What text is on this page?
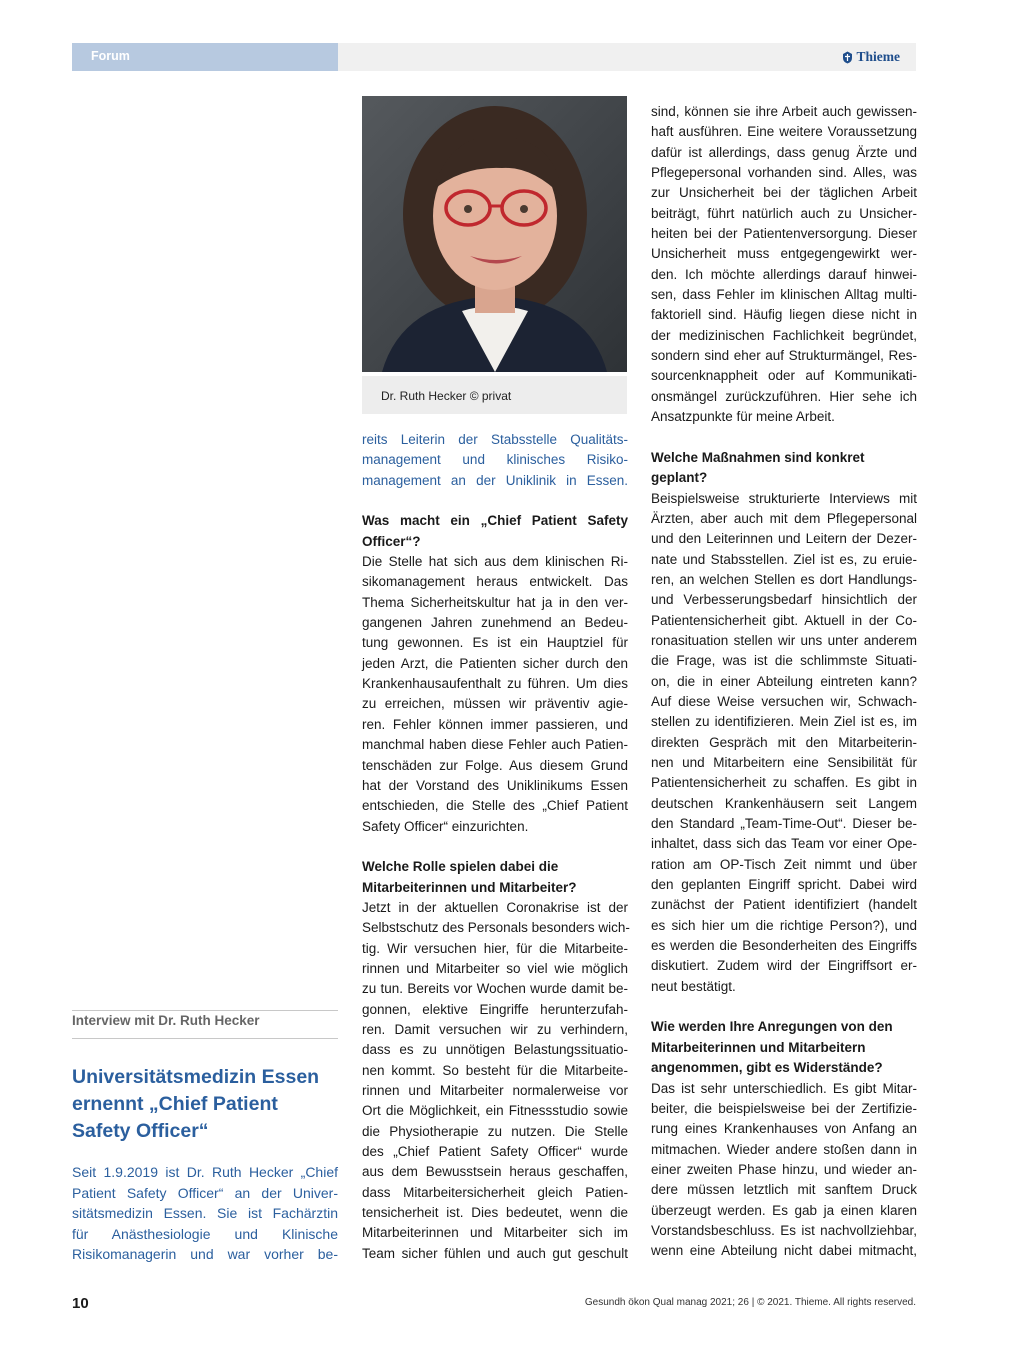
Forum	Thieme
Dr. Ruth Hecker © privat
Interview mit Dr. Ruth Hecker
Universitätsmedizin Essen
ernennt „Chief Patient
Safety Officer“
Seit 1.9.2019 ist Dr. Ruth Hecker „Chief
Patient Safety Officer“ an der Univer-
sitätsmedizin Essen. Sie ist Fachärztin
für Anästhesiologie und Klinische
Risikomanagerin und war vorher be-
reits Leiterin der Stabsstelle Qualitäts-
management und klinisches Risiko-
management an der Uniklinik in Essen.
Was macht ein „Chief Patient Safety
Officer“?
Die Stelle hat sich aus dem klinischen Ri-
sikomanagement heraus entwickelt. Das
Thema Sicherheitskultur hat ja in den ver-
gangenen Jahren zunehmend an Bedeu-
tung gewonnen. Es ist ein Hauptziel für
jeden Arzt, die Patienten sicher durch den
Krankenhausaufenthalt zu führen. Um dies
zu erreichen, müssen wir präventiv agie-
ren. Fehler können immer passieren, und
manchmal haben diese Fehler auch Patien-
tenschäden zur Folge. Aus diesem Grund
hat der Vorstand des Uniklinikums Essen
entschieden, die Stelle des „Chief Patient
Safety Officer“ einzurichten.
Welche Rolle spielen dabei die
Mitarbeiterinnen und Mitarbeiter?
Jetzt in der aktuellen Coronakrise ist der
Selbstschutz des Personals besonders wich-
tig. Wir versuchen hier, für die Mitarbeite-
rinnen und Mitarbeiter so viel wie möglich
zu tun. Bereits vor Wochen wurde damit be-
gonnen, elektive Eingriffe herunterzufah-
ren. Damit versuchen wir zu verhindern,
dass es zu unnötigen Belastungssituatio-
nen kommt. So besteht für die Mitarbeite-
rinnen und Mitarbeiter normalerweise vor
Ort die Möglichkeit, ein Fitnessstudio sowie
die Physiotherapie zu nutzen. Die Stelle
des „Chief Patient Safety Officer“ wurde
aus dem Bewusstsein heraus geschaffen,
dass Mitarbeitersicherheit gleich Patien-
tensicherheit ist. Dies bedeutet, wenn die
Mitarbeiterinnen und Mitarbeiter sich im
Team sicher fühlen und auch gut geschult
sind, können sie ihre Arbeit auch gewissen-
haft ausführen. Eine weitere Voraussetzung
dafür ist allerdings, dass genug Ärzte und
Pflegepersonal vorhanden sind. Alles, was
zur Unsicherheit bei der täglichen Arbeit
beiträgt, führt natürlich auch zu Unsicher-
heiten bei der Patientenversorgung. Dieser
Unsicherheit muss entgegengewirkt wer-
den. Ich möchte allerdings darauf hinwei-
sen, dass Fehler im klinischen Alltag multi-
faktoriell sind. Häufig liegen diese nicht in
der medizinischen Fachlichkeit begründet,
sondern sind eher auf Strukturmängel, Res-
sourcenknappheit oder auf Kommunikati-
onsmängel zurückzuführen. Hier sehe ich
Ansatzpunkte für meine Arbeit.
Welche Maßnahmen sind konkret
geplant?
Beispielsweise strukturierte Interviews mit
Ärzten, aber auch mit dem Pflegepersonal
und den Leiterinnen und Leitern der Dezer-
nate und Stabsstellen. Ziel ist es, zu eruie-
ren, an welchen Stellen es dort Handlungs-
und Verbesserungsbedarf hinsichtlich der
Patientensicherheit gibt. Aktuell in der Co-
ronasituation stellen wir uns unter anderem
die Frage, was ist die schlimmste Situati-
on, die in einer Abteilung eintreten kann?
Auf diese Weise versuchen wir, Schwach-
stellen zu identifizieren. Mein Ziel ist es, im
direkten Gespräch mit den Mitarbeiterin-
nen und Mitarbeitern eine Sensibilität für
Patientensicherheit zu schaffen. Es gibt in
deutschen Krankenhäusern seit Langem
den Standard „Team-Time-Out“. Dieser be-
inhaltet, dass sich das Team vor einer Ope-
ration am OP-Tisch Zeit nimmt und über
den geplanten Eingriff spricht. Dabei wird
zunächst der Patient identifiziert (handelt
es sich hier um die richtige Person?), und
es werden die Besonderheiten des Eingriffs
diskutiert. Zudem wird der Eingriffsort er-
neut bestätigt.
Wie werden Ihre Anregungen von den
Mitarbeiterinnen und Mitarbeitern
angenommen, gibt es Widerstände?
Das ist sehr unterschiedlich. Es gibt Mitar-
beiter, die beispielsweise bei der Zertifizie-
rung eines Krankenhauses von Anfang an
mitmachen. Wieder andere stoßen dann in
einer zweiten Phase hinzu, und wieder an-
dere müssen letztlich mit sanftem Druck
überzeugt werden. Es gab ja einen klaren
Vorstandsbeschluss. Es ist nachvollziehbar,
wenn eine Abteilung nicht dabei mitmacht,
10	Gesundh ökon Qual manag 2021; 26 | © 2021. Thieme. All rights reserved.
